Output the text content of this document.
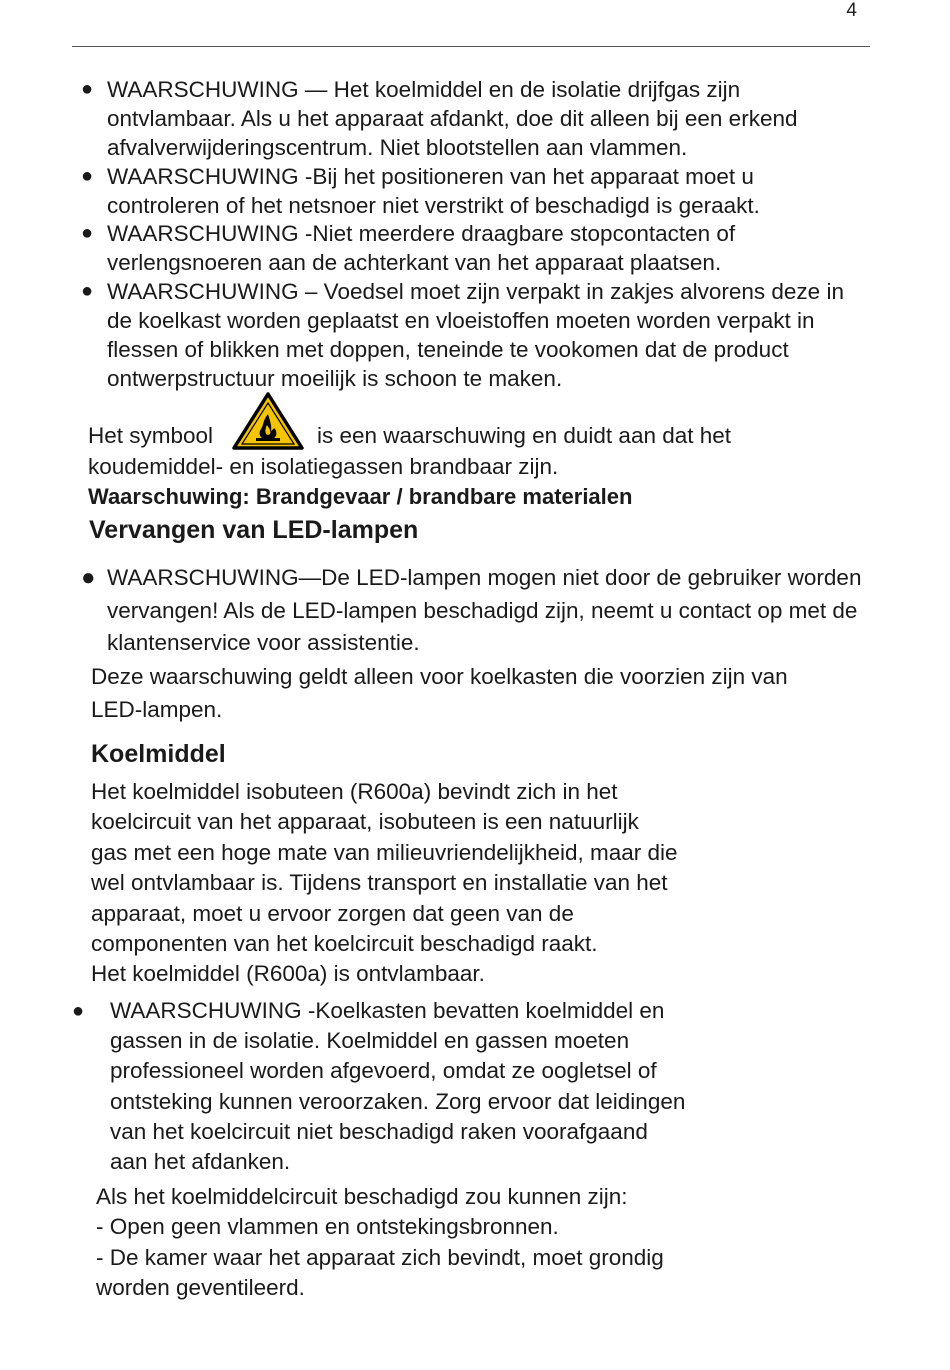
4
● WAARSCHUWING — Het koelmiddel en de isolatie drijfgas zijn ontvlambaar. Als u het apparaat afdankt, doe dit alleen bij een erkend afvalverwijderingscentrum. Niet blootstellen aan vlammen.
● WAARSCHUWING -Bij het positioneren van het apparaat moet u controleren of het netsnoer niet verstrikt of beschadigd is geraakt.
● WAARSCHUWING -Niet meerdere draagbare stopcontacten of verlengsnoeren aan de achterkant van het apparaat plaatsen.
● WAARSCHUWING – Voedsel moet zijn verpakt in zakjes alvorens deze in de koelkast worden geplaatst en vloeistoffen moeten worden verpakt in flessen of blikken met doppen, teneinde te vookomen dat de product ontwerpstructuur moeilijk is schoon te maken.
Het symbool	is een waarschuwing en duidt aan dat het
koudemiddel- en isolatiegassen brandbaar zijn.
Waarschuwing: Brandgevaar / brandbare materialen
Vervangen van LED-lampen
● WAARSCHUWING—De LED-lampen mogen niet door de gebruiker worden vervangen! Als de LED-lampen beschadigd zijn, neemt u contact op met de klantenservice voor assistentie.
Deze waarschuwing geldt alleen voor koelkasten die voorzien zijn van LED-lampen.
Koelmiddel
Het koelmiddel isobuteen (R600a) bevindt zich in het
koelcircuit van het apparaat, isobuteen is een natuurlijk
gas met een hoge mate van milieuvriendelijkheid, maar die
wel ontvlambaar is. Tijdens transport en installatie van het
apparaat, moet u ervoor zorgen dat geen van de
componenten van het koelcircuit beschadigd raakt.
Het koelmiddel (R600a) is ontvlambaar.
● WAARSCHUWING -Koelkasten bevatten koelmiddel en
gassen in de isolatie. Koelmiddel en gassen moeten
professioneel worden afgevoerd, omdat ze oogletsel of
ontsteking kunnen veroorzaken. Zorg ervoor dat leidingen
van het koelcircuit niet beschadigd raken voorafgaand
aan het afdanken.
Als het koelmiddelcircuit beschadigd zou kunnen zijn:
- Open geen vlammen en ontstekingsbronnen.
- De kamer waar het apparaat zich bevindt, moet grondig
worden geventileerd.
